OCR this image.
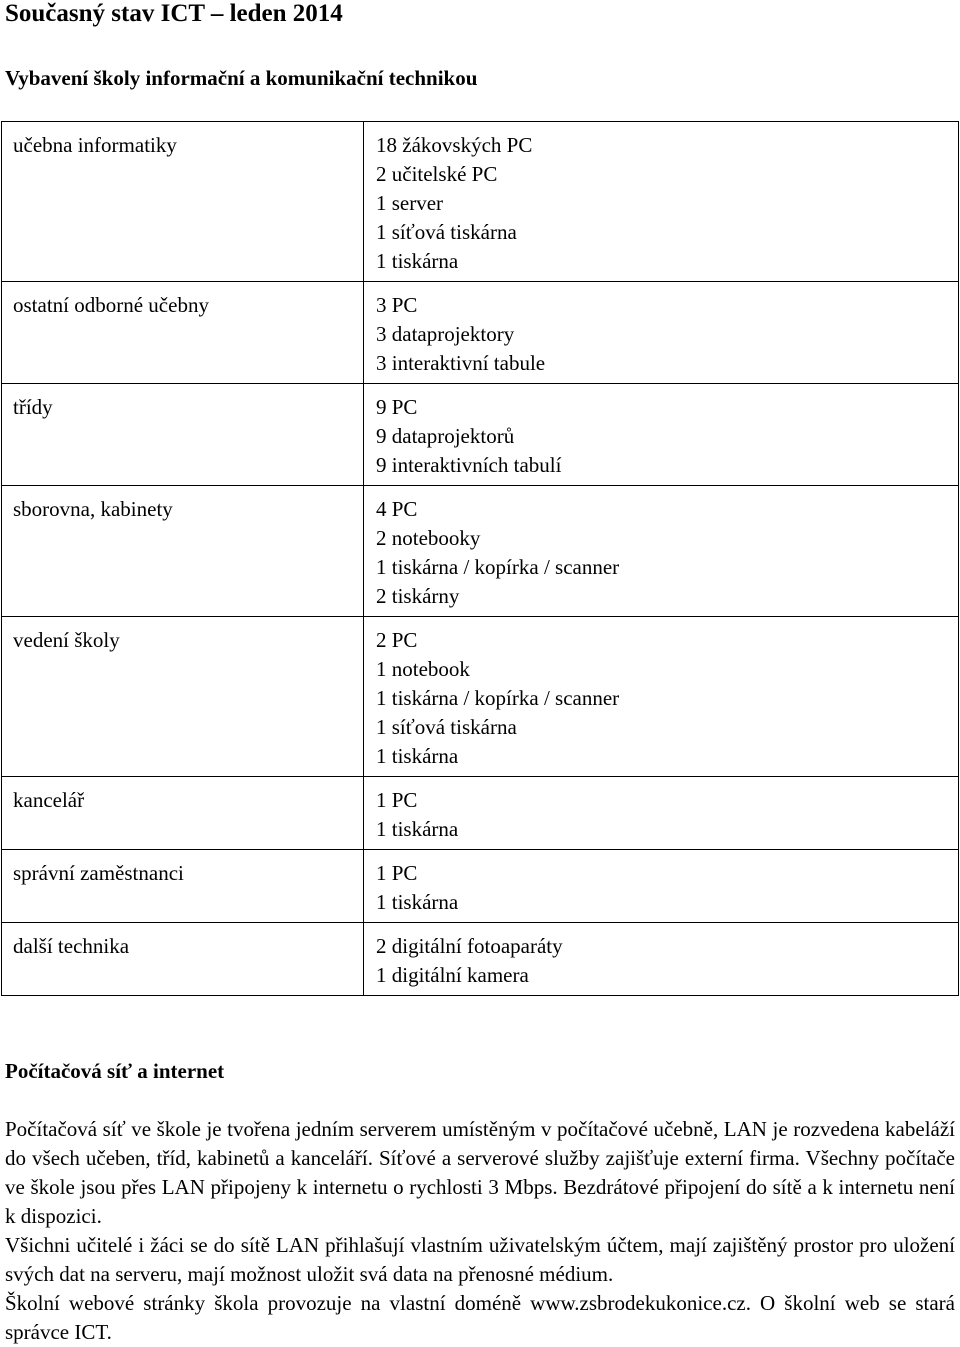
Současný stav ICT – leden 2014
Vybavení školy informační a komunikační technikou
učebna informatiky	18 žákovských PC
2 učitelské PC
1 server
1 síťová tiskárna
1 tiskárna

ostatní odborné učebny	3 PC
3 dataprojektory
3 interaktivní tabule

třídy	9 PC
9 dataprojektorů
9 interaktivních tabulí

sborovna, kabinety	4 PC
2 notebooky
1 tiskárna / kopírka / scanner
2 tiskárny

vedení školy	2 PC
1 notebook
1 tiskárna / kopírka / scanner
1 síťová tiskárna
1 tiskárna

kancelář	1 PC
1 tiskárna

správní zaměstnanci	1 PC
1 tiskárna

další technika	2 digitální fotoaparáty
1 digitální kamera
Počítačová síť a internet

Počítačová síť ve škole je tvořena jedním serverem umístěným v počítačové učebně, LAN je rozvedena kabeláží do všech učeben, tříd, kabinetů a kanceláří. Síťové a serverové služby zajišťuje externí firma. Všechny počítače ve škole jsou přes LAN připojeny k internetu o rychlosti 3 Mbps. Bezdrátové připojení do sítě a k internetu není k dispozici.

Všichni učitelé i žáci se do sítě LAN přihlašují vlastním uživatelským účtem, mají zajištěný prostor pro uložení svých dat na serveru, mají možnost uložit svá data na přenosné médium.

Školní webové stránky škola provozuje na vlastní doméně www.zsbrodekukonice.cz. O školní web se stará správce ICT.
